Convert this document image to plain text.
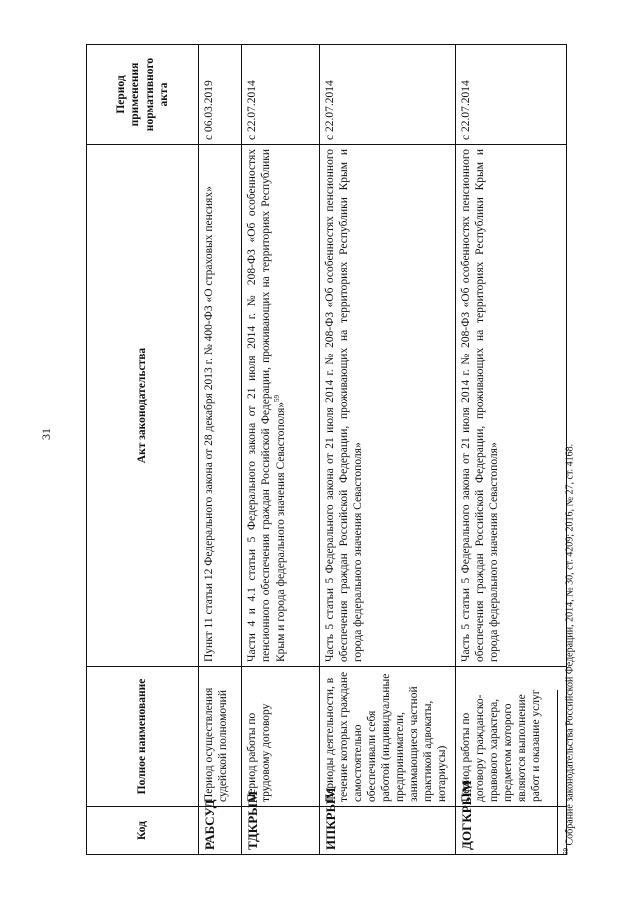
31
Код	Полное наименование	Акт законодательства	Период применения нормативного акта
РАБСУД	Период осуществления судейской полномочий	Пункт 11 статьи 12 Федерального закона от 28 декабря 2013 г. № 400-ФЗ «О страховых пенсиях»	с 06.03.2019
ТДКРЫМ	Период работы по трудовому договору	Части 4 и 4.1 статьи 5 Федерального закона от 21 июля 2014 г. № 208-ФЗ «Об особенностях пенсионного обеспечения граждан Российской Федерации, проживающих на территориях Республики Крым и города федерального значения Севастополя»$^{59}$	с 22.07.2014
ИПКРЫМ	Периоды деятельности, в течение которых граждане самостоятельно обеспечивали себя работой (индивидуальные предприниматели, занимающиеся частной практикой адвокаты, нотариусы)	Часть 5 статьи 5 Федерального закона от 21 июля 2014 г. № 208-ФЗ «Об особенностях пенсионного обеспечения граждан Российской Федерации, проживающих на территориях Республики Крым и города федерального значения Севастополя»	с 22.07.2014
ДОГКРЫМ	Период работы по договору гражданско-правового характера, предметом которого являются выполнение работ и оказание услуг	Часть 5 статьи 5 Федерального закона от 21 июля 2014 г. № 208-ФЗ «Об особенностях пенсионного обеспечения граждан Российской Федерации, проживающих на территориях Республики Крым и города федерального значения Севастополя»	с 22.07.2014
$^{59}$ Собрание законодательства Российской Федерации, 2014, № 30, ст. 4209; 2016, № 27, ст. 4168.
